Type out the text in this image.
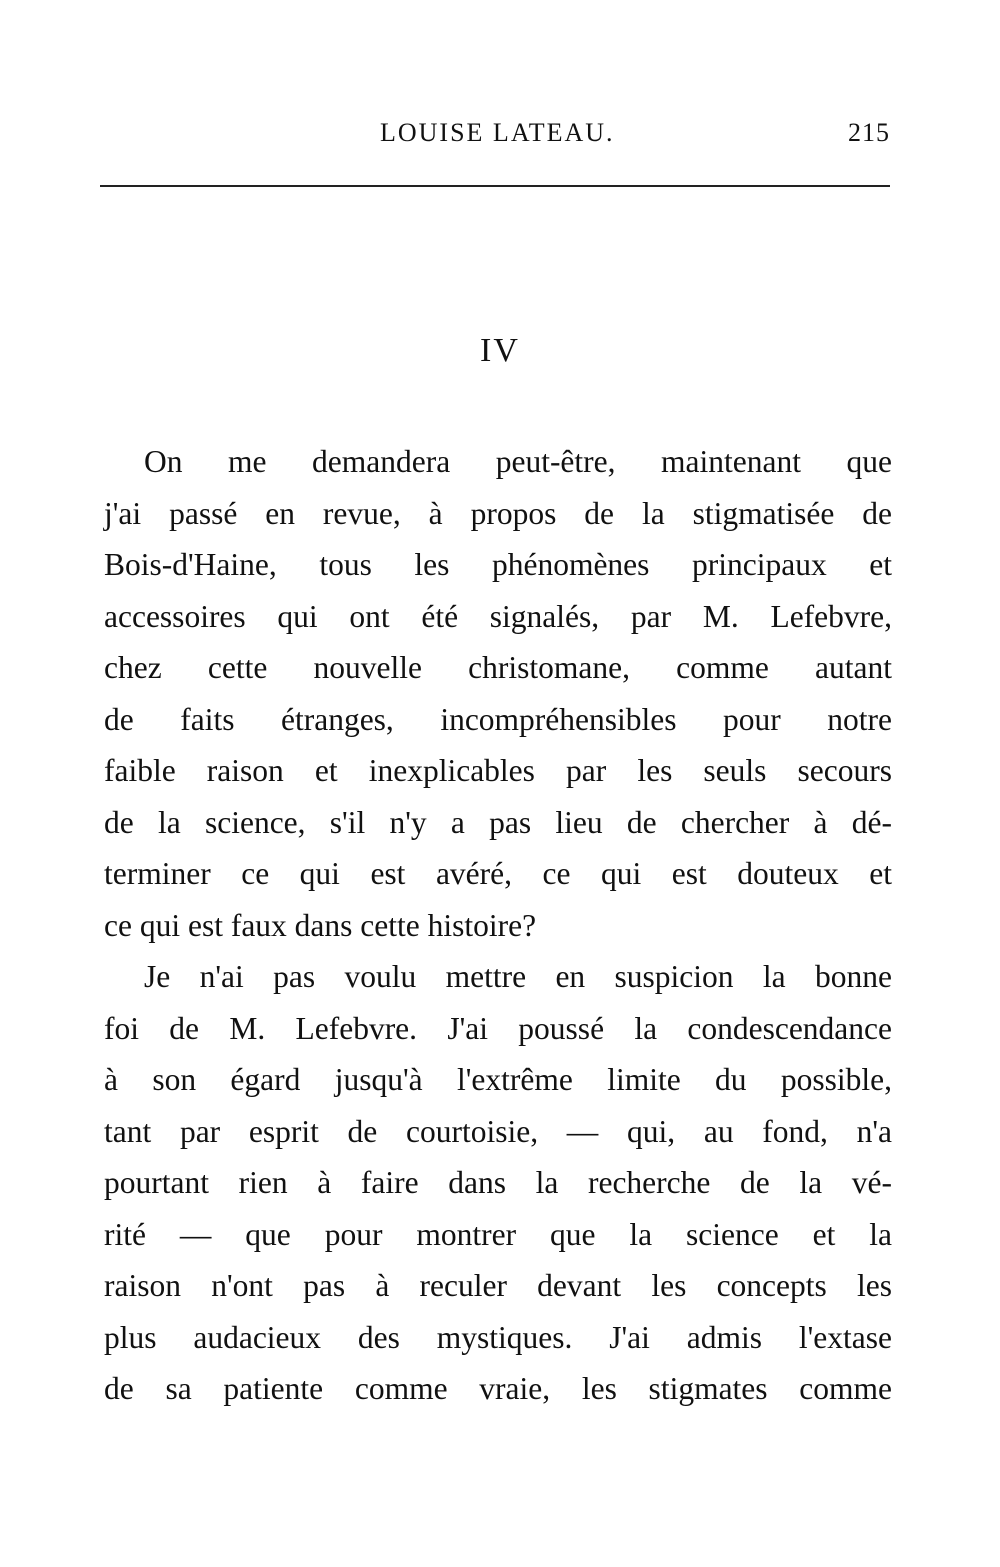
LOUISE LATEAU.	215
IV
On me demandera peut-être, maintenant que
j'ai passé en revue, à propos de la stigmatisée de
Bois-d'Haine, tous les phénomènes principaux et
accessoires qui ont été signalés, par M. Lefebvre,
chez cette nouvelle christomane, comme autant
de faits étranges, incompréhensibles pour notre
faible raison et inexplicables par les seuls secours
de la science, s'il n'y a pas lieu de chercher à dé-
terminer ce qui est avéré, ce qui est douteux et
ce qui est faux dans cette histoire?
Je n'ai pas voulu mettre en suspicion la bonne
foi de M. Lefebvre. J'ai poussé la condescendance
à son égard jusqu'à l'extrême limite du possible,
tant par esprit de courtoisie, — qui, au fond, n'a
pourtant rien à faire dans la recherche de la vé-
rité — que pour montrer que la science et la
raison n'ont pas à reculer devant les concepts les
plus audacieux des mystiques. J'ai admis l'extase
de sa patiente comme vraie, les stigmates comme
